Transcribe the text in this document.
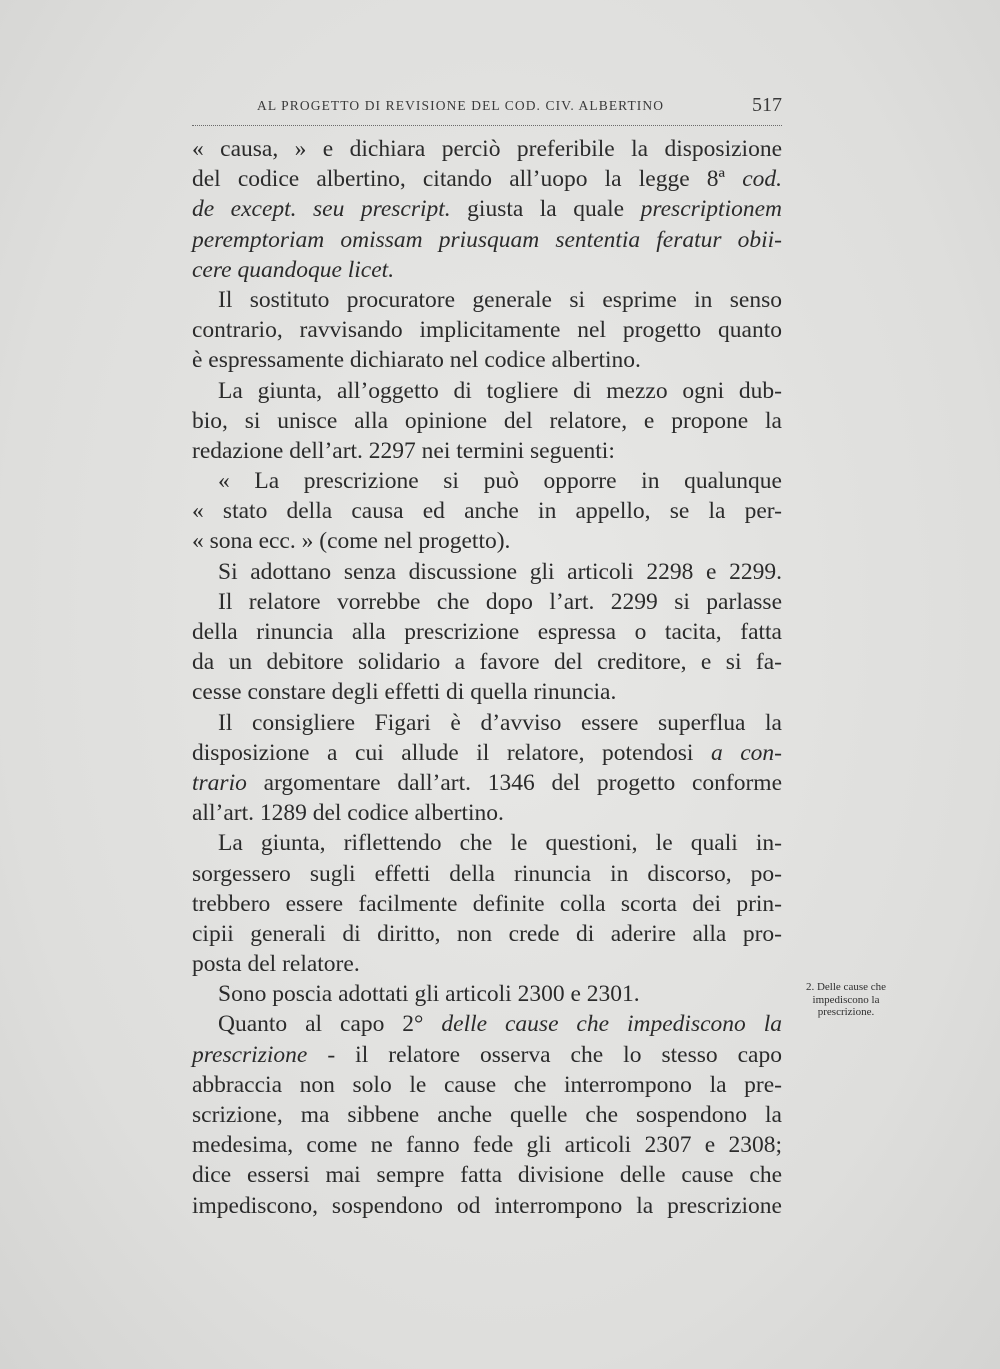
AL PROGETTO DI REVISIONE DEL COD. CIV. ALBERTINO	517
« causa, » e dichiara perciò preferibile la disposizione
del codice albertino, citando all’uopo la legge 8ª cod.
de except. seu prescript. giusta la quale prescriptionem
peremptoriam omissam priusquam sententia feratur obii-
cere quandoque licet.
Il sostituto procuratore generale si esprime in senso
contrario, ravvisando implicitamente nel progetto quanto
è espressamente dichiarato nel codice albertino.
La giunta, all’oggetto di togliere di mezzo ogni dub-
bio, si unisce alla opinione del relatore, e propone la
redazione dell’art. 2297 nei termini seguenti:
« La prescrizione si può opporre in qualunque
« stato della causa ed anche in appello, se la per-
« sona ecc. » (come nel progetto).
Si adottano senza discussione gli articoli 2298 e 2299.
Il relatore vorrebbe che dopo l’art. 2299 si parlasse
della rinuncia alla prescrizione espressa o tacita, fatta
da un debitore solidario a favore del creditore, e si fa-
cesse constare degli effetti di quella rinuncia.
Il consigliere Figari è d’avviso essere superflua la
disposizione a cui allude il relatore, potendosi a con-
trario argomentare dall’art. 1346 del progetto conforme
all’art. 1289 del codice albertino.
La giunta, riflettendo che le questioni, le quali in-
sorgessero sugli effetti della rinuncia in discorso, po-
trebbero essere facilmente definite colla scorta dei prin-
cipii generali di diritto, non crede di aderire alla pro-
posta del relatore.
Sono poscia adottati gli articoli 2300 e 2301.
Quanto al capo 2° delle cause che impediscono la
prescrizione - il relatore osserva che lo stesso capo
abbraccia non solo le cause che interrompono la pre-
scrizione, ma sibbene anche quelle che sospendono la
medesima, come ne fanno fede gli articoli 2307 e 2308;
dice essersi mai sempre fatta divisione delle cause che
impediscono, sospendono od interrompono la prescrizione
2. Delle cause che
impediscono la
prescrizione.
